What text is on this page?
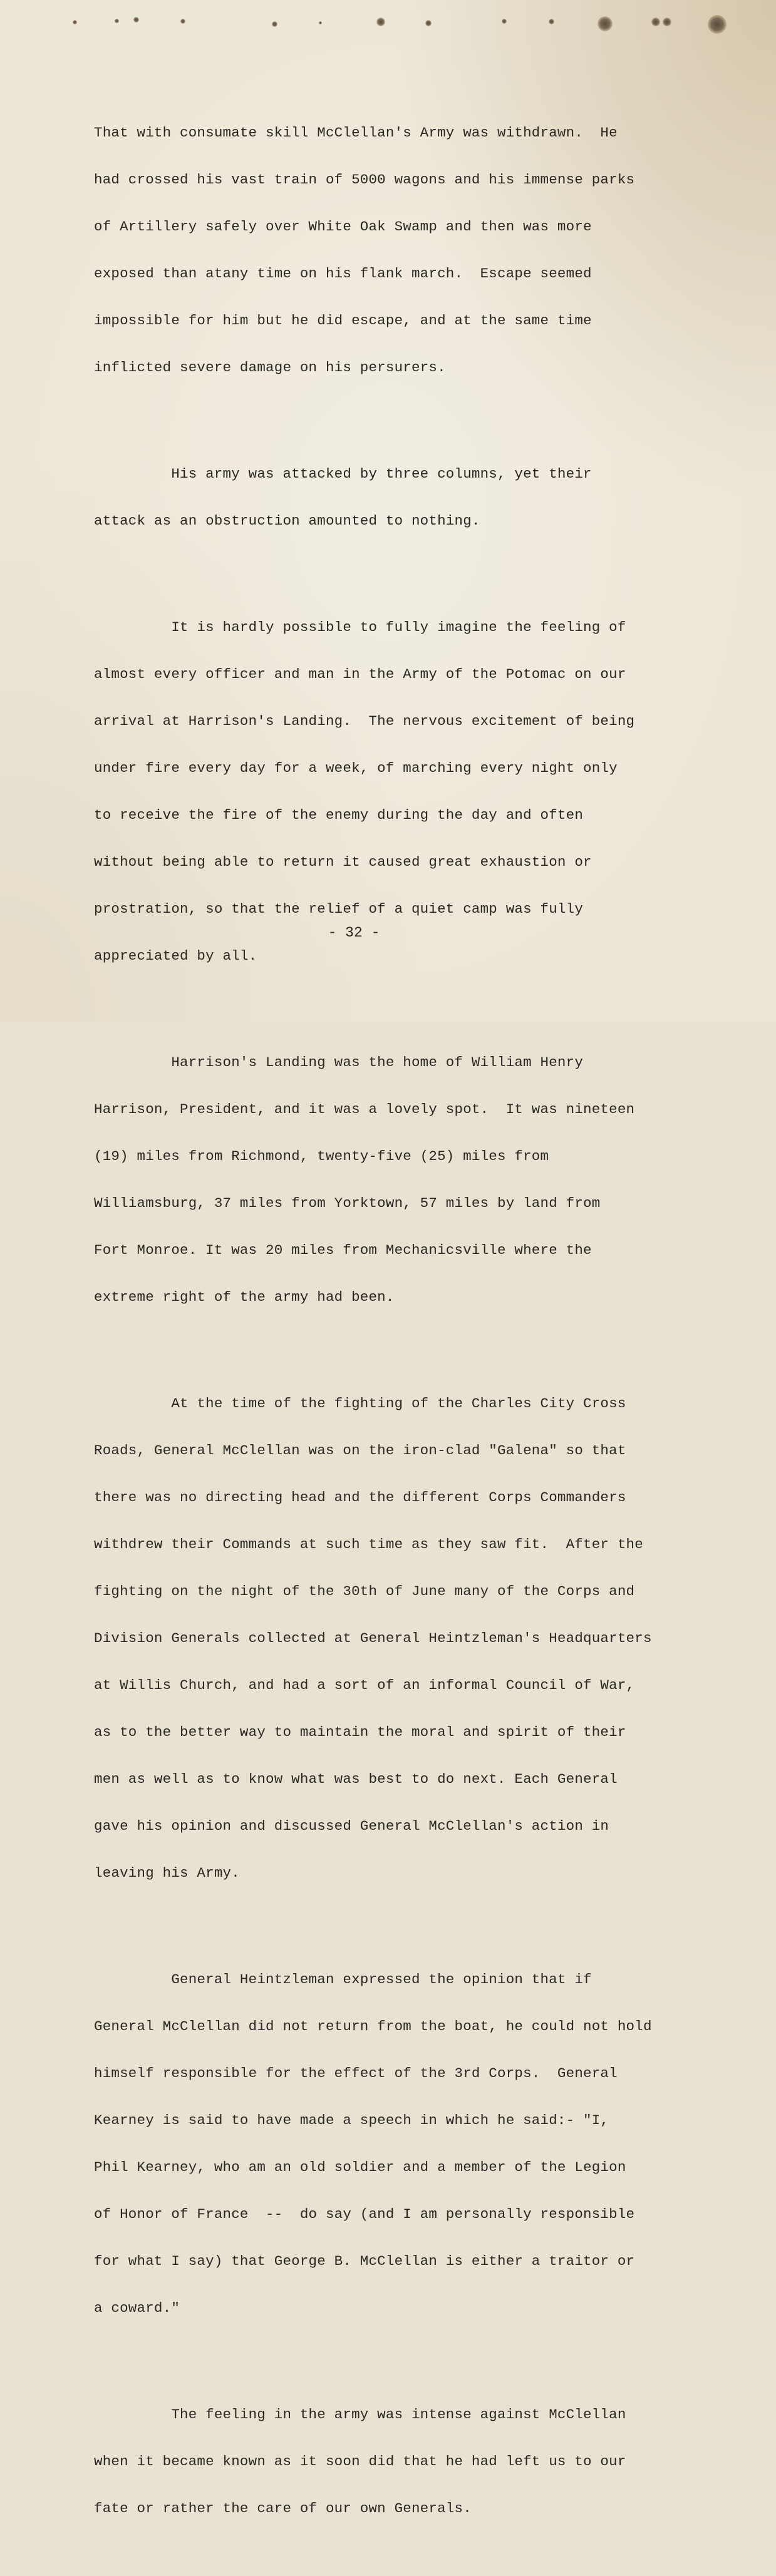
That with consumate skill McClellan's Army was withdrawn.  He

had crossed his vast train of 5000 wagons and his immense parks

of Artillery safely over White Oak Swamp and then was more

exposed than atany time on his flank march.  Escape seemed

impossible for him but he did escape, and at the same time

inflicted severe damage on his persurers.

His army was attacked by three columns, yet their

attack as an obstruction amounted to nothing.

It is hardly possible to fully imagine the feeling of

almost every officer and man in the Army of the Potomac on our

arrival at Harrison's Landing.  The nervous excitement of being

under fire every day for a week, of marching every night only

to receive the fire of the enemy during the day and often

without being able to return it caused great exhaustion or

prostration, so that the relief of a quiet camp was fully

appreciated by all.

Harrison's Landing was the home of William Henry

Harrison, President, and it was a lovely spot.  It was nineteen

(19) miles from Richmond, twenty-five (25) miles from

Williamsburg, 37 miles from Yorktown, 57 miles by land from

Fort Monroe. It was 20 miles from Mechanicsville where the

extreme right of the army had been.

At the time of the fighting of the Charles City Cross

Roads, General McClellan was on the iron-clad "Galena" so that

there was no directing head and the different Corps Commanders

withdrew their Commands at such time as they saw fit.  After the

fighting on the night of the 30th of June many of the Corps and

Division Generals collected at General Heintzleman's Headquarters

at Willis Church, and had a sort of an informal Council of War,

as to the better way to maintain the moral and spirit of their

men as well as to know what was best to do next. Each General

gave his opinion and discussed General McClellan's action in

leaving his Army.

General Heintzleman expressed the opinion that if

General McClellan did not return from the boat, he could not hold

himself responsible for the effect of the 3rd Corps.  General

Kearney is said to have made a speech in which he said:- "I,

Phil Kearney, who am an old soldier and a member of the Legion

of Honor of France  --  do say (and I am personally responsible

for what I say) that George B. McClellan is either a traitor or

a coward."

The feeling in the army was intense against McClellan

when it became known as it soon did that he had left us to our

fate or rather the care of our own Generals.

- 32 -
